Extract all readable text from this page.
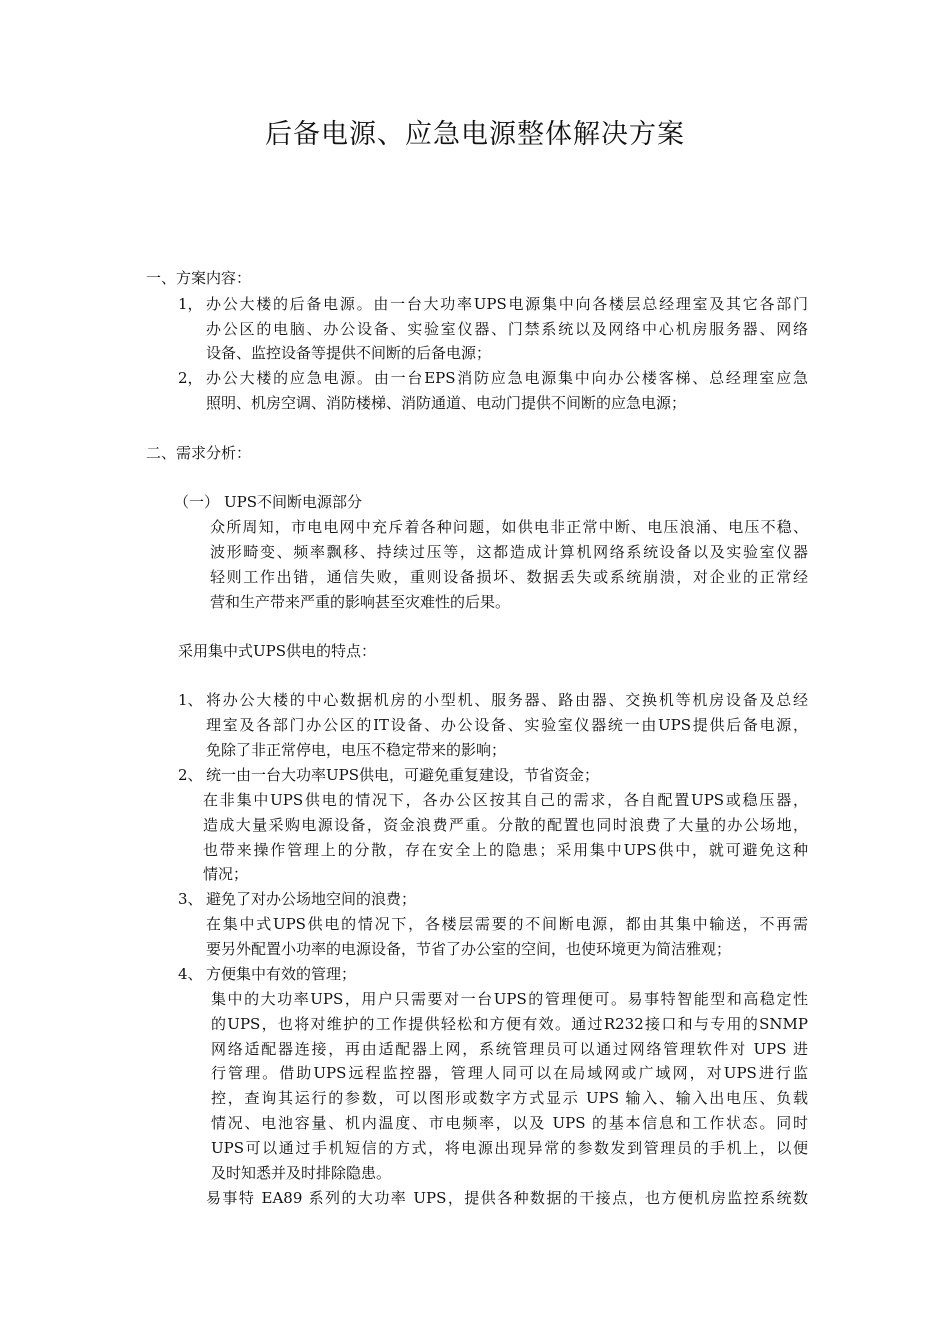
后备电源、应急电源整体解决方案
一、方案内容：
1， 办公大楼的后备电源。由一台大功率UPS电源集中向各楼层总经理室及其它各部门
办公区的电脑、办公设备、实验室仪器、门禁系统以及网络中心机房服务器、网络
设备、监控设备等提供不间断的后备电源；
2， 办公大楼的应急电源。由一台EPS消防应急电源集中向办公楼客梯、总经理室应急
照明、机房空调、消防楼梯、消防通道、电动门提供不间断的应急电源；
二、需求分析：
（一） UPS不间断电源部分
众所周知，市电电网中充斥着各种问题，如供电非正常中断、电压浪涌、电压不稳、
波形畸变、频率飘移、持续过压等，这都造成计算机网络系统设备以及实验室仪器
轻则工作出错，通信失败，重则设备损坏、数据丢失或系统崩溃，对企业的正常经
营和生产带来严重的影响甚至灾难性的后果。
采用集中式UPS供电的特点：
1、 将办公大楼的中心数据机房的小型机、服务器、路由器、交换机等机房设备及总经
理室及各部门办公区的IT设备、办公设备、实验室仪器统一由UPS提供后备电源，
免除了非正常停电，电压不稳定带来的影响；
2、 统一由一台大功率UPS供电，可避免重复建设，节省资金；
在非集中UPS供电的情况下，各办公区按其自己的需求，各自配置UPS或稳压器，
造成大量采购电源设备，资金浪费严重。分散的配置也同时浪费了大量的办公场地，
也带来操作管理上的分散，存在安全上的隐患；采用集中UPS供中，就可避免这种
情况；
3、 避免了对办公场地空间的浪费；
在集中式UPS供电的情况下，各楼层需要的不间断电源，都由其集中输送，不再需
要另外配置小功率的电源设备，节省了办公室的空间，也使环境更为简洁雅观；
4、 方便集中有效的管理；
集中的大功率UPS，用户只需要对一台UPS的管理便可。易事特智能型和高稳定性
的UPS，也将对维护的工作提供轻松和方便有效。通过R232接口和与专用的SNMP
网络适配器连接，再由适配器上网，系统管理员可以通过网络管理软件对 UPS 进
行管理。借助UPS远程监控器，管理人同可以在局域网或广域网，对UPS进行监
控，查询其运行的参数，可以图形或数字方式显示 UPS 输入、输入出电压、负载
情况、电池容量、机内温度、市电频率，以及 UPS 的基本信息和工作状态。同时
UPS可以通过手机短信的方式，将电源出现异常的参数发到管理员的手机上，以便
及时知悉并及时排除隐患。
易事特 EA89 系列的大功率 UPS，提供各种数据的干接点，也方便机房监控系统数
